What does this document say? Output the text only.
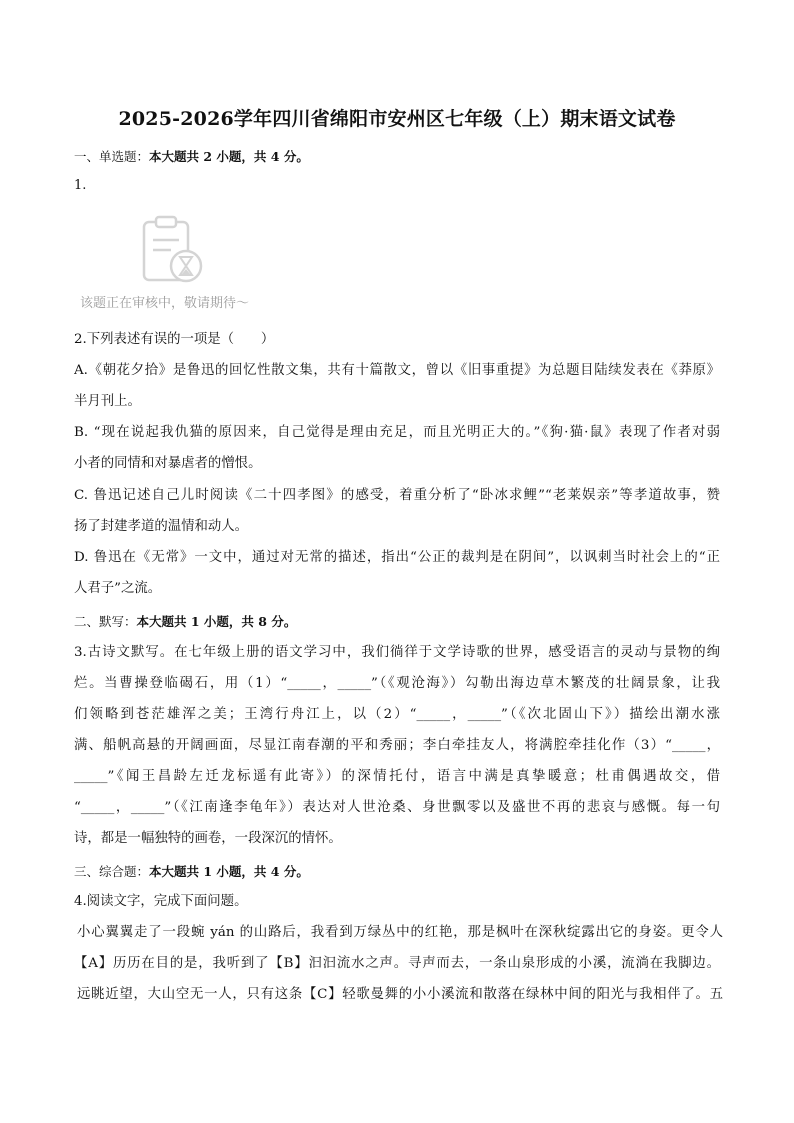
2025-2026学年四川省绵阳市安州区七年级（上）期末语文试卷
一、单选题：本大题共 2 小题，共 4 分。
1.
该题正在审核中，敬请期待～
2.下列表述有误的一项是（　　）
A.《朝花夕拾》是鲁迅的回忆性散文集，共有十篇散文，曾以《旧事重提》为总题目陆续发表在《莽原》
半月刊上。
B. “现在说起我仇猫的原因来，自己觉得是理由充足，而且光明正大的。”《狗·猫·鼠》表现了作者对弱
小者的同情和对暴虐者的憎恨。
C. 鲁迅记述自己儿时阅读《二十四孝图》的感受，着重分析了“卧冰求鲤”“老莱娱亲”等孝道故事，赞
扬了封建孝道的温情和动人。
D. 鲁迅在《无常》一文中，通过对无常的描述，指出“公正的裁判是在阴间”，以讽刺当时社会上的“正
人君子”之流。
二、默写：本大题共 1 小题，共 8 分。
3.古诗文默写。在七年级上册的语文学习中，我们徜徉于文学诗歌的世界，感受语言的灵动与景物的绚
烂。当曹操登临碣石，用（1）“_____，_____”（《观沧海》）勾勒出海边草木繁茂的壮阔景象，让我
们领略到苍茫雄浑之美；王湾行舟江上，以（2）“_____，_____”（《次北固山下》）描绘出潮水涨
满、船帆高悬的开阔画面，尽显江南春潮的平和秀丽；李白牵挂友人，将满腔牵挂化作（3）“_____，
_____”《闻王昌龄左迁龙标遥有此寄》）的深情托付，语言中满是真挚暖意；杜甫偶遇故交，借
“_____，_____”（《江南逢李龟年》）表达对人世沧桑、身世飘零以及盛世不再的悲哀与感慨。每一句
诗，都是一幅独特的画卷，一段深沉的情怀。
三、综合题：本大题共 1 小题，共 4 分。
4.阅读文字，完成下面问题。
小心翼翼走了一段蜿 yán 的山路后，我看到万绿丛中的红艳，那是枫叶在深秋绽露出它的身姿。更令人
【A】历历在目的是，我听到了【B】汩汩流水之声。寻声而去，一条山泉形成的小溪，流淌在我脚边。
远眺近望，大山空无一人，只有这条【C】轻歌曼舞的小小溪流和散落在绿林中间的阳光与我相伴了。五
